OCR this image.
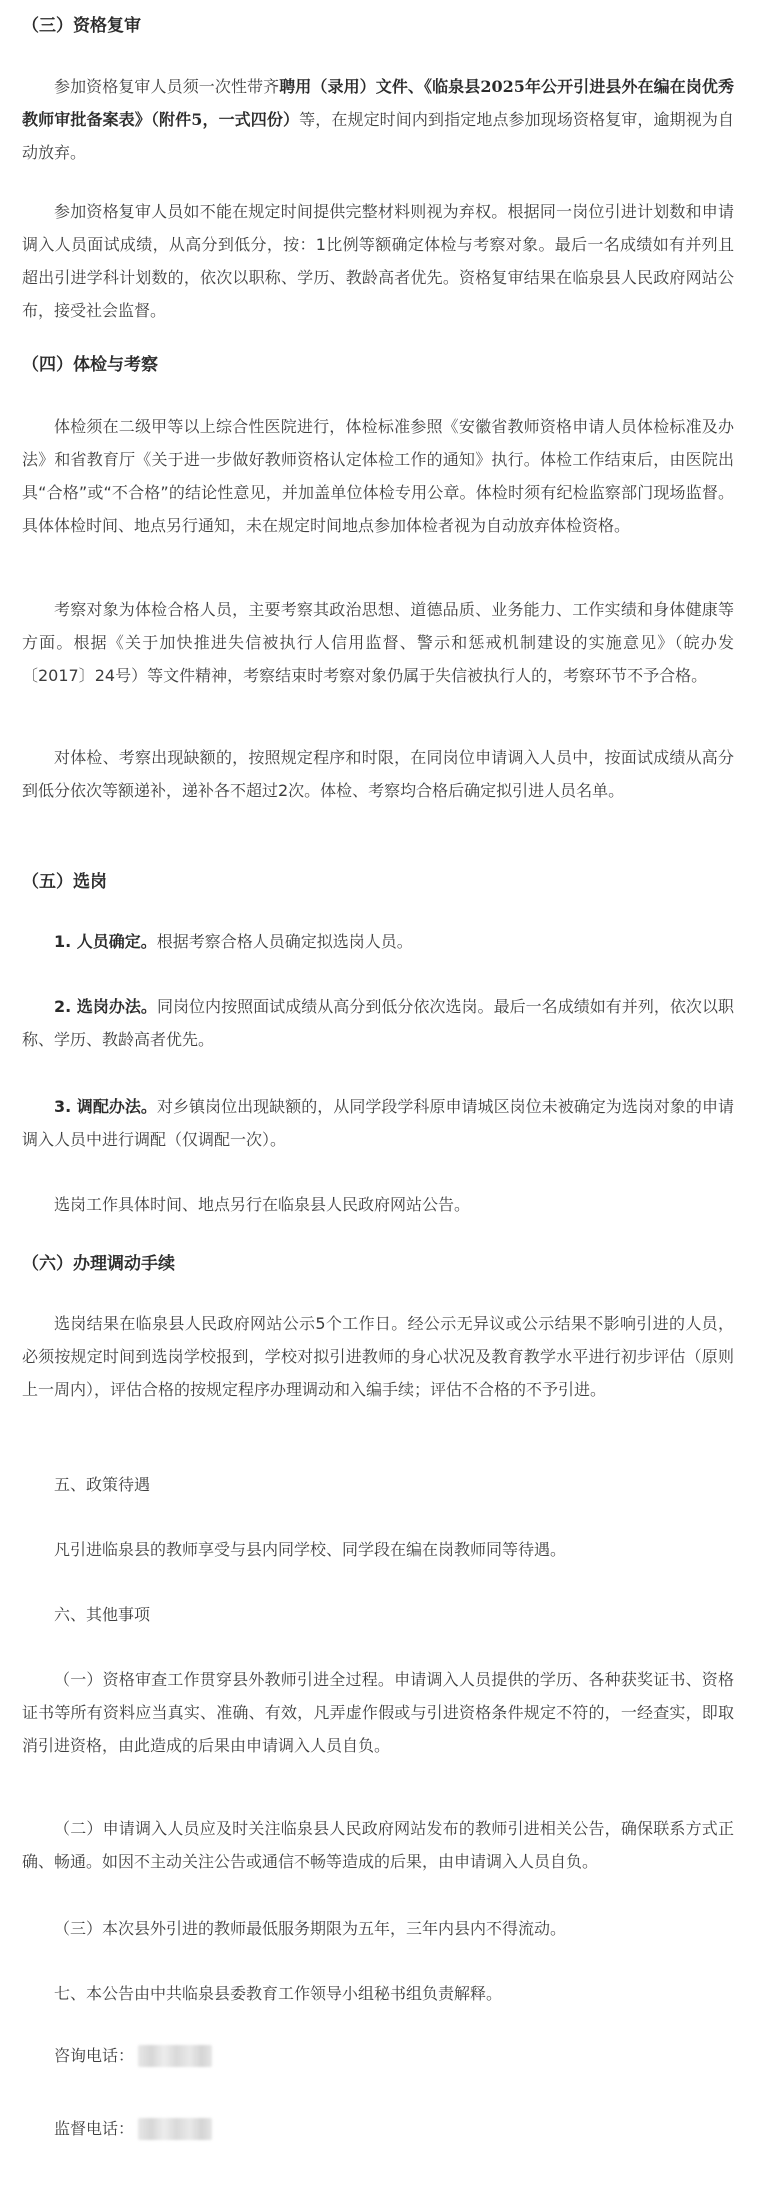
（三）资格复审

参加资格复审人员须一次性带齐聘用（录用）文件、《临泉县2025年公开引进县外在编在岗优秀教师审批备案表》（附件5，一式四份）等，在规定时间内到指定地点参加现场资格复审，逾期视为自动放弃。

参加资格复审人员如不能在规定时间提供完整材料则视为弃权。根据同一岗位引进计划数和申请调入人员面试成绩，从高分到低分，按：1比例等额确定体检与考察对象。最后一名成绩如有并列且超出引进学科计划数的，依次以职称、学历、教龄高者优先。资格复审结果在临泉县人民政府网站公布，接受社会监督。

（四）体检与考察

体检须在二级甲等以上综合性医院进行，体检标准参照《安徽省教师资格申请人员体检标准及办法》和省教育厅《关于进一步做好教师资格认定体检工作的通知》执行。体检工作结束后，由医院出具“合格”或“不合格”的结论性意见，并加盖单位体检专用公章。体检时须有纪检监察部门现场监督。具体体检时间、地点另行通知，未在规定时间地点参加体检者视为自动放弃体检资格。

考察对象为体检合格人员，主要考察其政治思想、道德品质、业务能力、工作实绩和身体健康等方面。根据《关于加快推进失信被执行人信用监督、警示和惩戒机制建设的实施意见》（皖办发〔2017〕24号）等文件精神，考察结束时考察对象仍属于失信被执行人的，考察环节不予合格。

对体检、考察出现缺额的，按照规定程序和时限，在同岗位申请调入人员中，按面试成绩从高分到低分依次等额递补，递补各不超过2次。体检、考察均合格后确定拟引进人员名单。

（五）选岗

1. 人员确定。根据考察合格人员确定拟选岗人员。

2. 选岗办法。同岗位内按照面试成绩从高分到低分依次选岗。最后一名成绩如有并列，依次以职称、学历、教龄高者优先。

3. 调配办法。对乡镇岗位出现缺额的，从同学段学科原申请城区岗位未被确定为选岗对象的申请调入人员中进行调配（仅调配一次）。

选岗工作具体时间、地点另行在临泉县人民政府网站公告。

（六）办理调动手续

选岗结果在临泉县人民政府网站公示5个工作日。经公示无异议或公示结果不影响引进的人员，必须按规定时间到选岗学校报到，学校对拟引进教师的身心状况及教育教学水平进行初步评估（原则上一周内），评估合格的按规定程序办理调动和入编手续；评估不合格的不予引进。

五、政策待遇

凡引进临泉县的教师享受与县内同学校、同学段在编在岗教师同等待遇。

六、其他事项

（一）资格审查工作贯穿县外教师引进全过程。申请调入人员提供的学历、各种获奖证书、资格证书等所有资料应当真实、准确、有效，凡弄虚作假或与引进资格条件规定不符的，一经查实，即取消引进资格，由此造成的后果由申请调入人员自负。

（二）申请调入人员应及时关注临泉县人民政府网站发布的教师引进相关公告，确保联系方式正确、畅通。如因不主动关注公告或通信不畅等造成的后果，由申请调入人员自负。

（三）本次县外引进的教师最低服务期限为五年，三年内县内不得流动。

七、本公告由中共临泉县委教育工作领导小组秘书组负责解释。

咨询电话：

监督电话：
